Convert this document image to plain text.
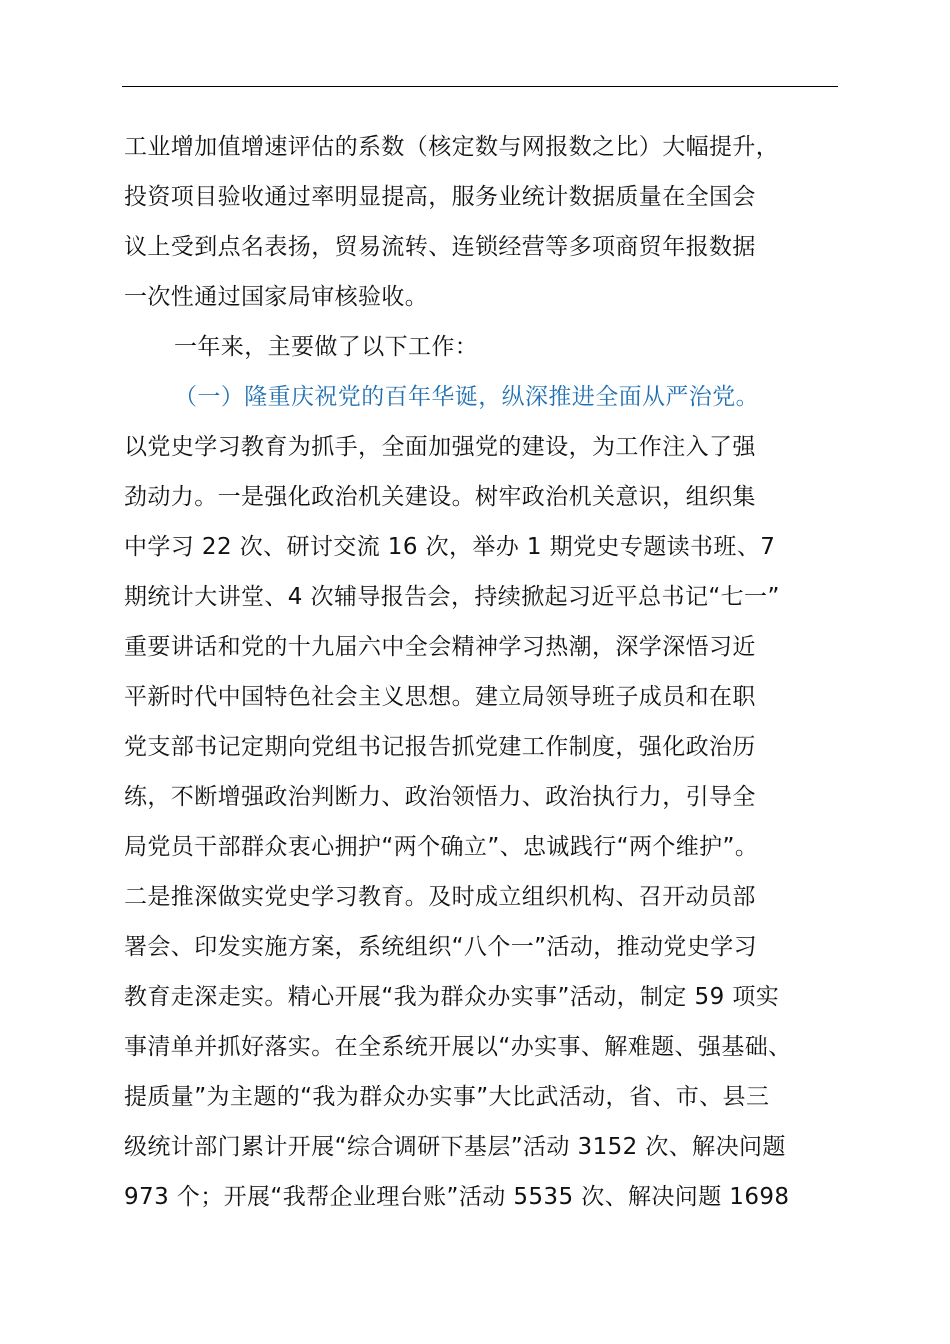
工业增加值增速评估的系数（核定数与网报数之比）大幅提升，
投资项目验收通过率明显提高，服务业统计数据质量在全国会
议上受到点名表扬，贸易流转、连锁经营等多项商贸年报数据
一次性通过国家局审核验收。
一年来，主要做了以下工作：
（一）隆重庆祝党的百年华诞，纵深推进全面从严治党。
以党史学习教育为抓手，全面加强党的建设，为工作注入了强
劲动力。一是强化政治机关建设。树牢政治机关意识，组织集
中学习 22 次、研讨交流 16 次，举办 1 期党史专题读书班、7
期统计大讲堂、4 次辅导报告会，持续掀起习近平总书记“七一”
重要讲话和党的十九届六中全会精神学习热潮，深学深悟习近
平新时代中国特色社会主义思想。建立局领导班子成员和在职
党支部书记定期向党组书记报告抓党建工作制度，强化政治历
练，不断增强政治判断力、政治领悟力、政治执行力，引导全
局党员干部群众衷心拥护“两个确立”、忠诚践行“两个维护”。
二是推深做实党史学习教育。及时成立组织机构、召开动员部
署会、印发实施方案，系统组织“八个一”活动，推动党史学习
教育走深走实。精心开展“我为群众办实事”活动，制定 59 项实
事清单并抓好落实。在全系统开展以“办实事、解难题、强基础、
提质量”为主题的“我为群众办实事”大比武活动，省、市、县三
级统计部门累计开展“综合调研下基层”活动 3152 次、解决问题
973 个；开展“我帮企业理台账”活动 5535 次、解决问题 1698
